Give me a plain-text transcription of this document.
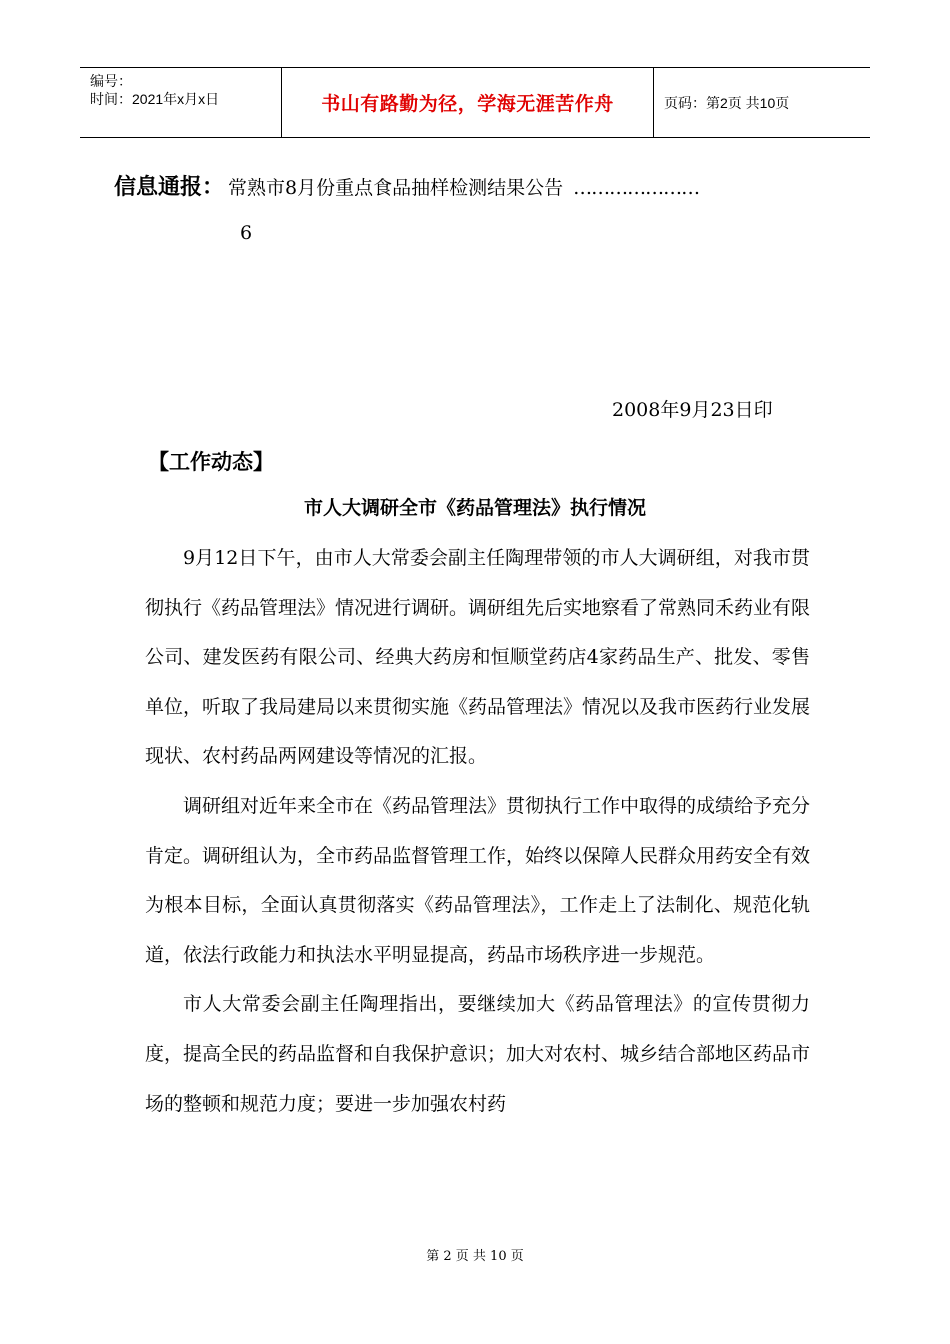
编号：
时间：2021年x月x日	书山有路勤为径，学海无涯苦作舟	页码：第2页 共10页
信息通报： 常熟市8月份重点食品抽样检测结果公告 …………………
6
2008年9月23日印
【工作动态】
市人大调研全市《药品管理法》执行情况

9月12日下午，由市人大常委会副主任陶理带领的市人大调研组，对我市贯彻执行《药品管理法》情况进行调研。调研组先后实地察看了常熟同禾药业有限公司、建发医药有限公司、经典大药房和恒顺堂药店4家药品生产、批发、零售单位，听取了我局建局以来贯彻实施《药品管理法》情况以及我市医药行业发展现状、农村药品两网建设等情况的汇报。

调研组对近年来全市在《药品管理法》贯彻执行工作中取得的成绩给予充分肯定。调研组认为，全市药品监督管理工作，始终以保障人民群众用药安全有效为根本目标，全面认真贯彻落实《药品管理法》，工作走上了法制化、规范化轨道，依法行政能力和执法水平明显提高，药品市场秩序进一步规范。

市人大常委会副主任陶理指出，要继续加大《药品管理法》的宣传贯彻力度，提高全民的药品监督和自我保护意识；加大对农村、城乡结合部地区药品市场的整顿和规范力度；要进一步加强农村药

第 2 页 共 10 页
